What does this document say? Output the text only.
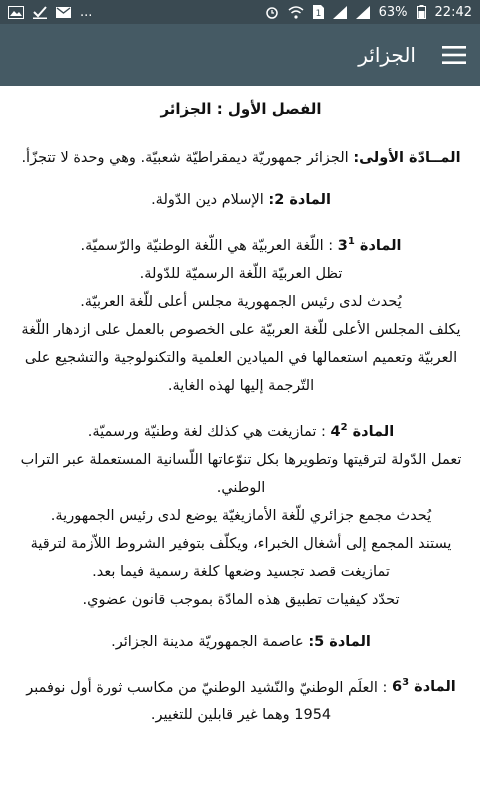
...	1	63% 22:42
الجزائر
الفصل الأول : الجزائر

المــادّة الأولى: الجزائر جمهوريّة ديمقراطيّة شعبيّة. وهي وحدة لا تتجزّأ.

المادة 2: الإسلام دين الدّولة.

المادة $3^1$ : اللّغة العربيّة هي اللّغة الوطنيّة والرّسميّة.
تظل العربيّة اللّغة الرسميّة للدّولة.
يُحدث لدى رئيس الجمهورية مجلس أعلى للّغة العربيّة.
يكلف المجلس الأعلى للّغة العربيّة على الخصوص بالعمل على ازدهار اللّغة العربيّة وتعميم استعمالها في الميادين العلمية والتكنولوجية والتشجيع على التّرجمة إليها لهذه الغاية.

المادة $4^2$ : تمازيغت هي كذلك لغة وطنيّة ورسميّة.
تعمل الدّولة لترقيتها وتطويرها بكل تنوّعاتها اللّسانية المستعملة عبر التراب الوطني.
يُحدث مجمع جزائري للّغة الأمازيغيّة يوضع لدى رئيس الجمهورية.
يستند المجمع إلى أشغال الخبراء، ويكلّف بتوفير الشروط اللاّزمة لترقية تمازيغت قصد تجسيد وضعها كلغة رسمية فيما بعد.
تحدّد كيفيات تطبيق هذه المادّة بموجب قانون عضوي.

المادة 5: عاصمة الجمهوريّة مدينة الجزائر.

المادة $6^3$ : العلَم الوطنيّ والنّشيد الوطنيّ من مكاسب ثورة أول نوفمبر 1954 وهما غير قابلين للتغيير.
